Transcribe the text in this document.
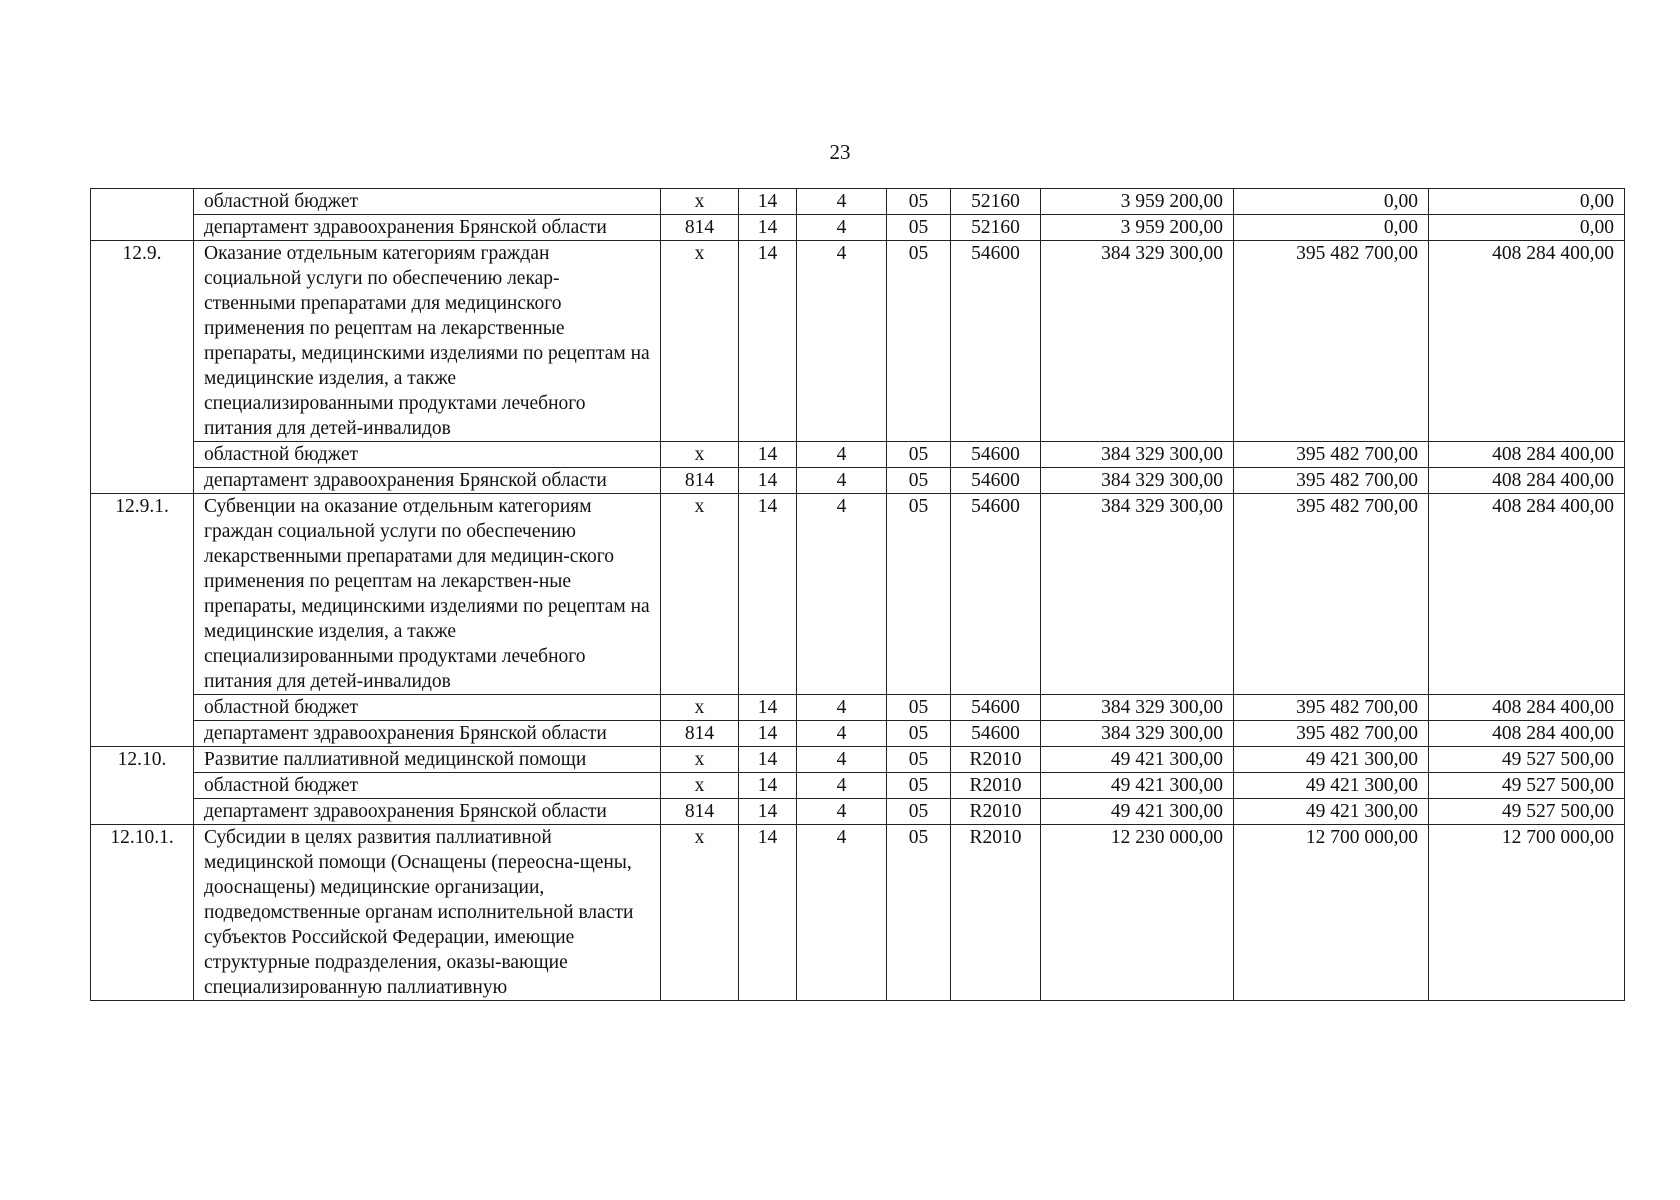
23
	областной бюджет	x	14	4	05	52160	3 959 200,00	0,00	0,00
	департамент здравоохранения Брянской области	814	14	4	05	52160	3 959 200,00	0,00	0,00
12.9.	Оказание отдельным категориям граждан социальной услуги по обеспечению лекар-ственными препаратами для медицинского применения по рецептам на лекарственные препараты, медицинскими изделиями по рецептам на медицинские изделия, а также специализированными продуктами лечебного питания для детей-инвалидов	x	14	4	05	54600	384 329 300,00	395 482 700,00	408 284 400,00
	областной бюджет	x	14	4	05	54600	384 329 300,00	395 482 700,00	408 284 400,00
	департамент здравоохранения Брянской области	814	14	4	05	54600	384 329 300,00	395 482 700,00	408 284 400,00
12.9.1.	Субвенции на оказание отдельным категориям граждан социальной услуги по обеспечению лекарственными препаратами для медицин-ского применения по рецептам на лекарствен-ные препараты, медицинскими изделиями по рецептам на медицинские изделия, а также специализированными продуктами лечебного питания для детей-инвалидов	x	14	4	05	54600	384 329 300,00	395 482 700,00	408 284 400,00
	областной бюджет	x	14	4	05	54600	384 329 300,00	395 482 700,00	408 284 400,00
	департамент здравоохранения Брянской области	814	14	4	05	54600	384 329 300,00	395 482 700,00	408 284 400,00
12.10.	Развитие паллиативной медицинской помощи	x	14	4	05	R2010	49 421 300,00	49 421 300,00	49 527 500,00
	областной бюджет	x	14	4	05	R2010	49 421 300,00	49 421 300,00	49 527 500,00
	департамент здравоохранения Брянской области	814	14	4	05	R2010	49 421 300,00	49 421 300,00	49 527 500,00
12.10.1.	Субсидии в целях развития паллиативной медицинской помощи (Оснащены (переосна-щены, дооснащены) медицинские организации, подведомственные органам исполнительной власти субъектов Российской Федерации, имеющие структурные подразделения, оказы-вающие специализированную паллиативную	x	14	4	05	R2010	12 230 000,00	12 700 000,00	12 700 000,00
